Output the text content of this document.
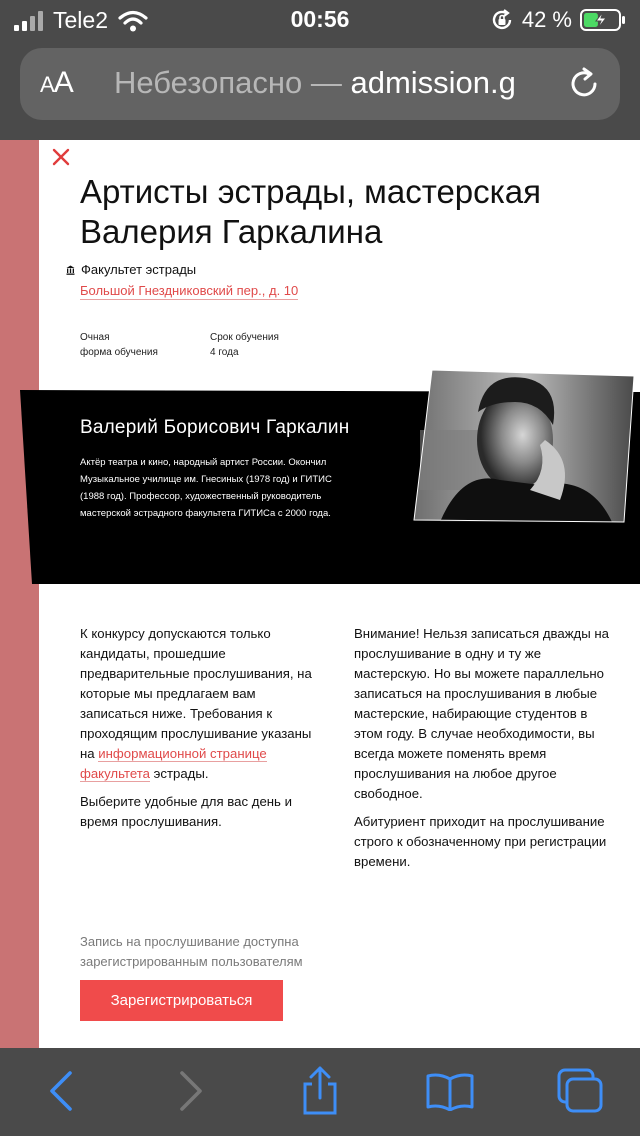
Tele2	00:56	42 %
AA Небезопасно — admission.g
Артисты эстрады, мастерская Валерия Гаркалина
Факультет эстрады
Большой Гнездниковский пер., д. 10
Очная
форма обучения
Срок обучения
4 года
Валерий Борисович Гаркалин
Актёр театра и кино, народный артист России. Окончил Музыкальное училище им. Гнесиных (1978 год) и ГИТИС (1988 год). Профессор, художественный руководитель мастерской эстрадного факультета ГИТИСа с 2000 года.

К конкурсу допускаются только кандидаты, прошедшие предварительные прослушивания, на которые мы предлагаем вам записаться ниже. Требования к проходящим прослушивание указаны на информационной странице факультета эстрады.

Выберите удобные для вас день и время прослушивания.

Внимание! Нельзя записаться дважды на прослушивание в одну и ту же мастерскую. Но вы можете параллельно записаться на прослушивания в любые мастерские, набирающие студентов в этом году. В случае необходимости, вы всегда можете поменять время прослушивания на любое другое свободное.

Абитуриент приходит на прослушивание строго к обозначенному при регистрации времени.

Запись на прослушивание доступна зарегистрированным пользователям
Зарегистрироваться
